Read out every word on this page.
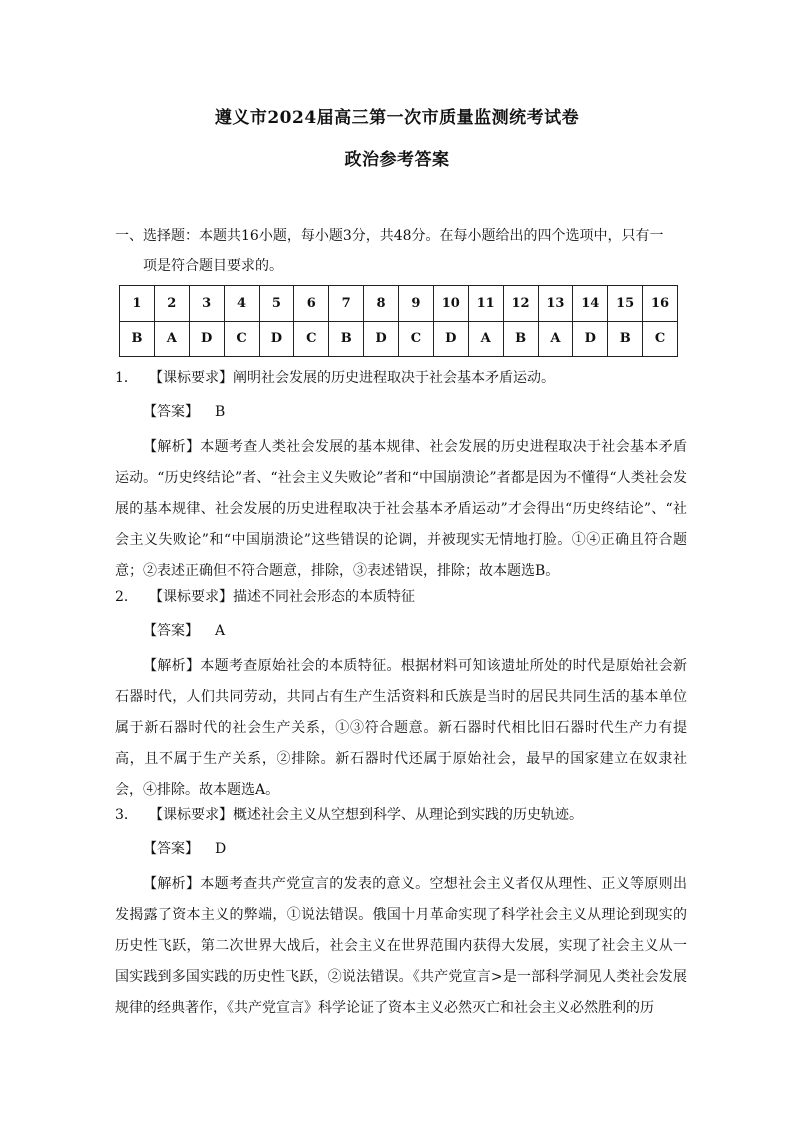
遵义市2024届高三第一次市质量监测统考试卷
政治参考答案
一、选择题：本题共16小题，每小题3分，共48分。在每小题给出的四个选项中，只有一
项是符合题目要求的。
1	2	3	4	5	6	7	8	9	10	11	12	13	14	15	16
B	A	D	C	D	C	B	D	C	D	A	B	A	D	B	C
1． 【课标要求】阐明社会发展的历史进程取决于社会基本矛盾运动。
【答案】 B
【解析】本题考查人类社会发展的基本规律、社会发展的历史进程取决于社会基本矛盾运动。“历史终结论”者、“社会主义失败论”者和“中国崩溃论”者都是因为不懂得“人类社会发展的基本规律、社会发展的历史进程取决于社会基本矛盾运动”才会得出“历史终结论”、“社会主义失败论”和“中国崩溃论”这些错误的论调，并被现实无情地打脸。①④正确且符合题意；②表述正确但不符合题意，排除，③表述错误，排除；故本题选B。
2． 【课标要求】描述不同社会形态的本质特征
【答案】 A
【解析】本题考查原始社会的本质特征。根据材料可知该遗址所处的时代是原始社会新石器时代，人们共同劳动，共同占有生产生活资料和氏族是当时的居民共同生活的基本单位属于新石器时代的社会生产关系，①③符合题意。新石器时代相比旧石器时代生产力有提高，且不属于生产关系，②排除。新石器时代还属于原始社会，最早的国家建立在奴隶社会，④排除。故本题选A。
3． 【课标要求】概述社会主义从空想到科学、从理论到实践的历史轨迹。
【答案】 D
【解析】本题考查共产党宣言的发表的意义。空想社会主义者仅从理性、正义等原则出发揭露了资本主义的弊端，①说法错误。俄国十月革命实现了科学社会主义从理论到现实的历史性飞跃，第二次世界大战后，社会主义在世界范围内获得大发展，实现了社会主义从一国实践到多国实践的历史性飞跃，②说法错误。《共产党宣言>是一部科学洞见人类社会发展规律的经典著作，《共产党宣言》科学论证了资本主义必然灭亡和社会主义必然胜利的历
